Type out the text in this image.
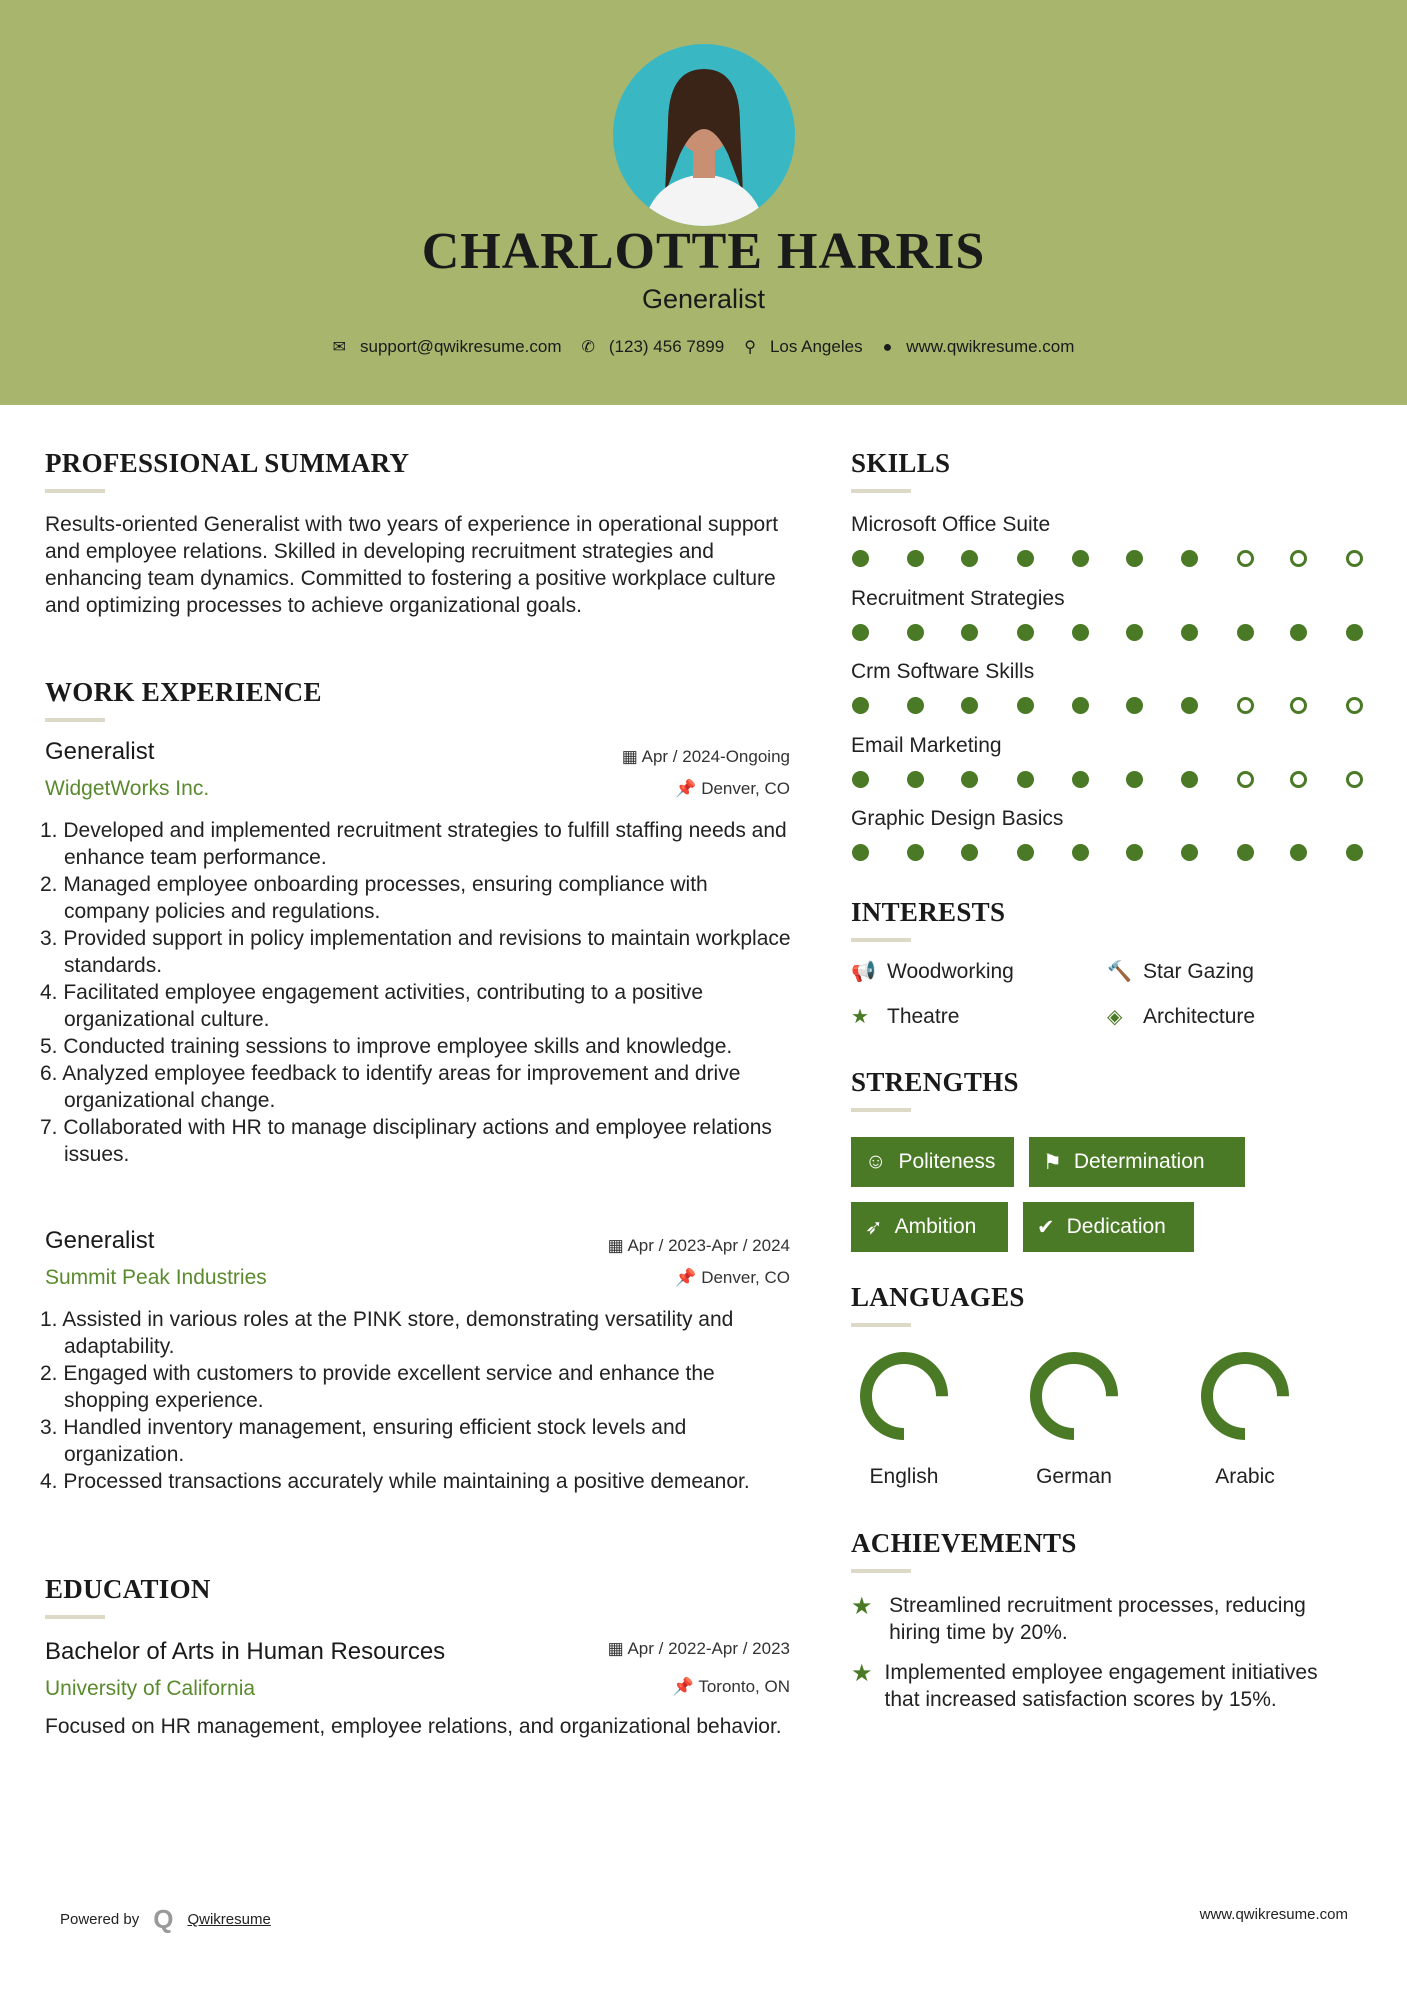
CHARLOTTE HARRIS
Generalist
✉ support@qwikresume.com ✆ (123) 456 7899 ⚲ Los Angeles ● www.qwikresume.com
PROFESSIONAL SUMMARY
Results-oriented Generalist with two years of experience in operational support and employee relations. Skilled in developing recruitment strategies and enhancing team dynamics. Committed to fostering a positive workplace culture and optimizing processes to achieve organizational goals.
WORK EXPERIENCE
Generalist	▦ Apr / 2024-Ongoing
WidgetWorks Inc.	📌 Denver, CO
1. Developed and implemented recruitment strategies to fulfill staffing needs and enhance team performance.
2. Managed employee onboarding processes, ensuring compliance with company policies and regulations.
3. Provided support in policy implementation and revisions to maintain workplace standards.
4. Facilitated employee engagement activities, contributing to a positive organizational culture.
5. Conducted training sessions to improve employee skills and knowledge.
6. Analyzed employee feedback to identify areas for improvement and drive organizational change.
7. Collaborated with HR to manage disciplinary actions and employee relations issues.
Generalist	▦ Apr / 2023-Apr / 2024
Summit Peak Industries	📌 Denver, CO
1. Assisted in various roles at the PINK store, demonstrating versatility and adaptability.
2. Engaged with customers to provide excellent service and enhance the shopping experience.
3. Handled inventory management, ensuring efficient stock levels and organization.
4. Processed transactions accurately while maintaining a positive demeanor.
EDUCATION
Bachelor of Arts in Human Resources	▦ Apr / 2022-Apr / 2023
University of California	📌 Toronto, ON
Focused on HR management, employee relations, and organizational behavior.
SKILLS
Microsoft Office Suite
Recruitment Strategies
Crm Software Skills
Email Marketing
Graphic Design Basics
INTERESTS
📢 Woodworking	🔨 Star Gazing
★ Theatre	◈ Architecture
STRENGTHS
☺ Politeness ⚑ Determination
➶ Ambition	✔ Dedication
LANGUAGES
English	German	Arabic
ACHIEVEMENTS
★ Streamlined recruitment processes, reducing hiring time by 20%.
★ Implemented employee engagement initiatives that increased satisfaction scores by 15%.
Powered by Q Qwikresume	www.qwikresume.com
